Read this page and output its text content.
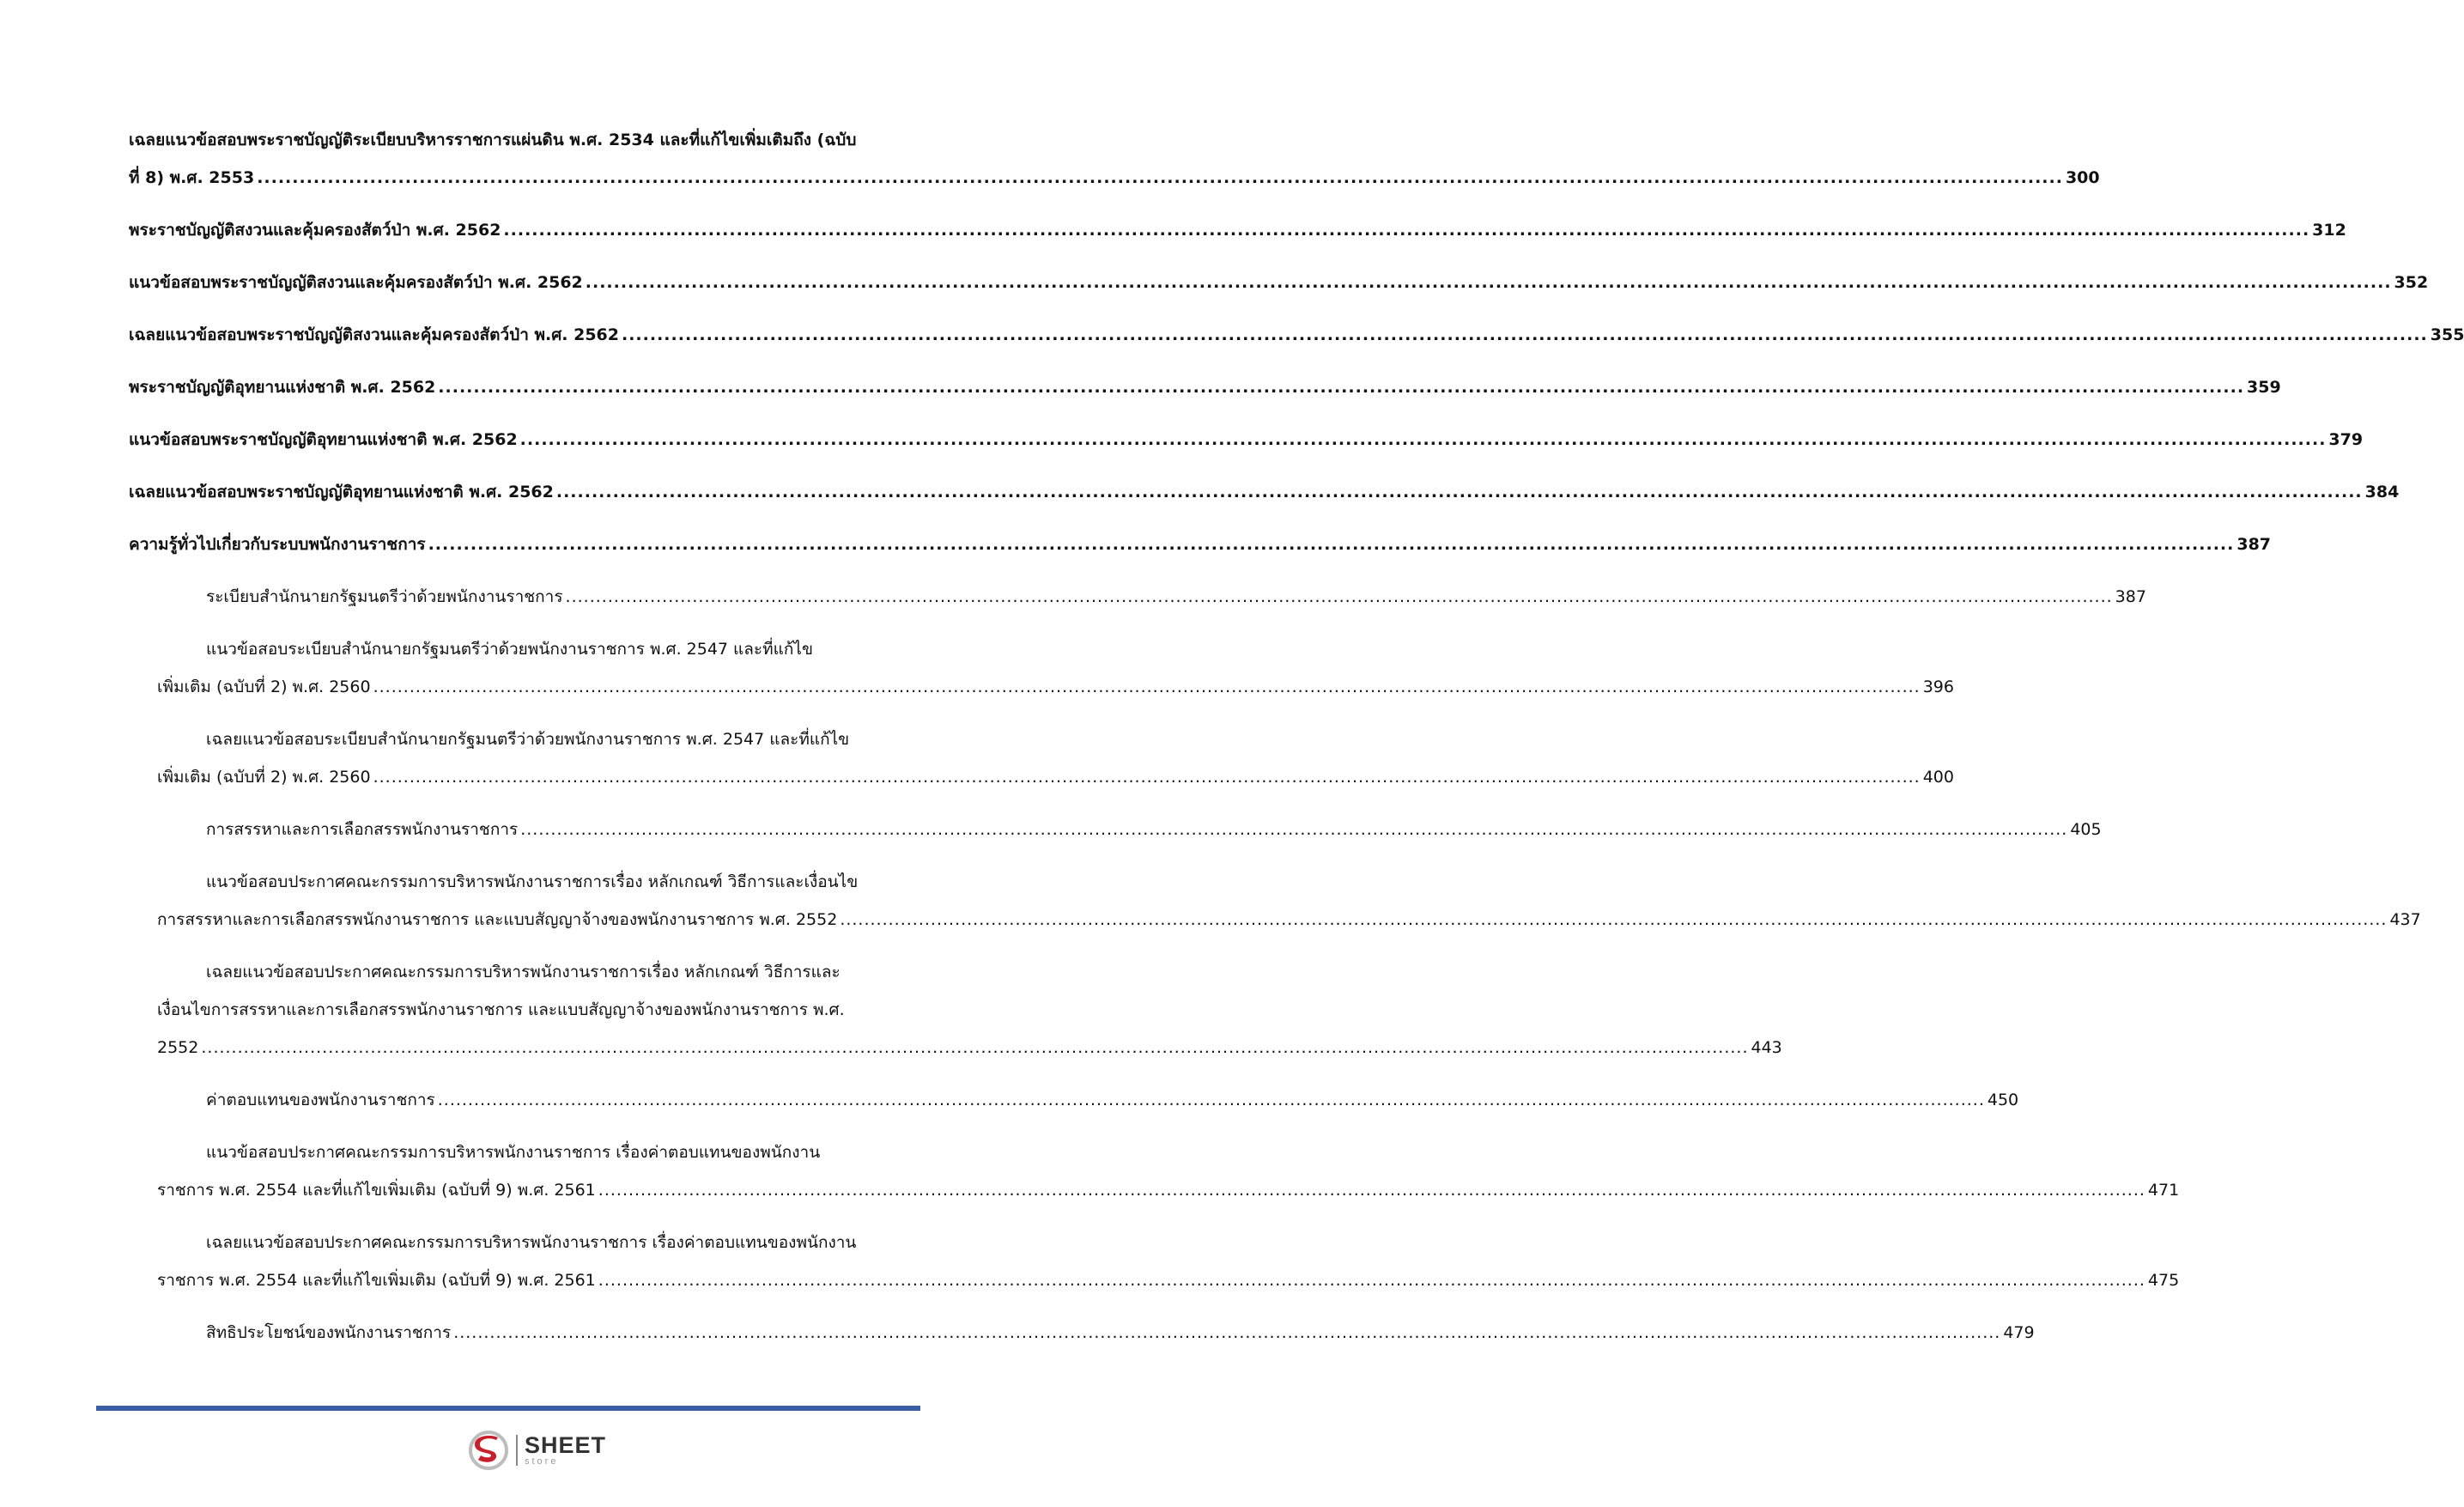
เฉลยแนวข้อสอบพระราชบัญญัติระเบียบบริหารราชการแผ่นดิน พ.ศ. 2534 และที่แก้ไขเพิ่มเติมถึง (ฉบับ
ที่ 8) พ.ศ. 2553 .....	300
พระราชบัญญัติสงวนและคุ้มครองสัตว์ป่า พ.ศ. 2562 .....	312
แนวข้อสอบพระราชบัญญัติสงวนและคุ้มครองสัตว์ป่า พ.ศ. 2562 .....	352
เฉลยแนวข้อสอบพระราชบัญญัติสงวนและคุ้มครองสัตว์ป่า พ.ศ. 2562 .....	355
พระราชบัญญัติอุทยานแห่งชาติ พ.ศ. 2562 .....	359
แนวข้อสอบพระราชบัญญัติอุทยานแห่งชาติ พ.ศ. 2562 .....	379
เฉลยแนวข้อสอบพระราชบัญญัติอุทยานแห่งชาติ พ.ศ. 2562 .....	384
ความรู้ทั่วไปเกี่ยวกับระบบพนักงานราชการ .....	387
ระเบียบสำนักนายกรัฐมนตรีว่าด้วยพนักงานราชการ .....	387
แนวข้อสอบระเบียบสำนักนายกรัฐมนตรีว่าด้วยพนักงานราชการ พ.ศ. 2547 และที่แก้ไข
เพิ่มเติม (ฉบับที่ 2) พ.ศ. 2560 .....	396
เฉลยแนวข้อสอบระเบียบสำนักนายกรัฐมนตรีว่าด้วยพนักงานราชการ พ.ศ. 2547 และที่แก้ไข
เพิ่มเติม (ฉบับที่ 2) พ.ศ. 2560 .....	400
การสรรหาและการเลือกสรรพนักงานราชการ .....	405
แนวข้อสอบประกาศคณะกรรมการบริหารพนักงานราชการเรื่อง หลักเกณฑ์ วิธีการและเงื่อนไข
การสรรหาและการเลือกสรรพนักงานราชการ และแบบสัญญาจ้างของพนักงานราชการ พ.ศ. 2552 .....	437
เฉลยแนวข้อสอบประกาศคณะกรรมการบริหารพนักงานราชการเรื่อง หลักเกณฑ์ วิธีการและ
เงื่อนไขการสรรหาและการเลือกสรรพนักงานราชการ และแบบสัญญาจ้างของพนักงานราชการ พ.ศ.
2552 .....	443
ค่าตอบแทนของพนักงานราชการ .....	450
แนวข้อสอบประกาศคณะกรรมการบริหารพนักงานราชการ เรื่องค่าตอบแทนของพนักงาน
ราชการ พ.ศ. 2554 และที่แก้ไขเพิ่มเติม (ฉบับที่ 9) พ.ศ. 2561 .....	471
เฉลยแนวข้อสอบประกาศคณะกรรมการบริหารพนักงานราชการ เรื่องค่าตอบแทนของพนักงาน
ราชการ พ.ศ. 2554 และที่แก้ไขเพิ่มเติม (ฉบับที่ 9) พ.ศ. 2561 .....	475
สิทธิประโยชน์ของพนักงานราชการ .....	479
SHEET
store
